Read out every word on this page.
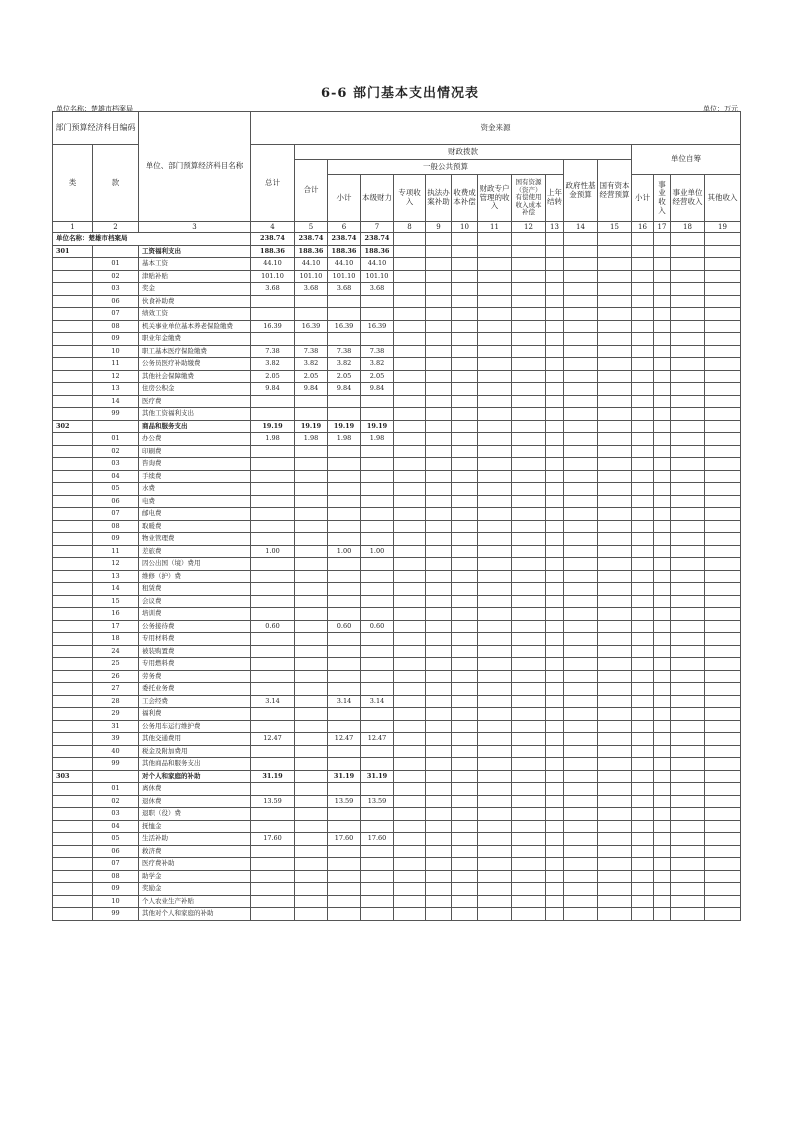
6-6 部门基本支出情况表
单位名称：楚雄市档案局	单位：万元
部门预算经济科目编码		单位、部门预算经济科目名称	资金来源															
类	款		总计	财政拨款											单位自筹			
				合计	一般公共预算								政府性基金预算	国有资本经营预算				
					小计	本级财力	专项收入	执法办案补助	收费成本补偿	财政专户管理的收入	国有资源（资产）有偿使用收入成本补偿	上年结转			小计	事业收入	事业单位经营收入	其他收入

1	2	3	4	5	6	7	8	9	10	11	12	13	14	15	16	17	18	19
单位名称：楚雄市档案局			238.74	238.74	238.74	238.74												
301		工资福利支出	188.36	188.36	188.36	188.36												
	01	基本工资	44.10	44.10	44.10	44.10												
	02	津贴补贴	101.10	101.10	101.10	101.10												
	03	奖金	3.68	3.68	3.68	3.68												
	06	伙食补助费																
	07	绩效工资																
	08	机关事业单位基本养老保险缴费	16.39	16.39	16.39	16.39												
	09	职业年金缴费																
	10	职工基本医疗保险缴费	7.38	7.38	7.38	7.38												
	11	公务员医疗补助缴费	3.82	3.82	3.82	3.82												
	12	其他社会保障缴费	2.05	2.05	2.05	2.05												
	13	住房公积金	9.84	9.84	9.84	9.84												
	14	医疗费																
	99	其他工资福利支出																
302		商品和服务支出	19.19	19.19	19.19	19.19												
	01	办公费	1.98	1.98	1.98	1.98												
	02	印刷费																
	03	咨询费																
	04	手续费																
	05	水费																
	06	电费																
	07	邮电费																
	08	取暖费																
	09	物业管理费																
	11	差旅费	1.00		1.00	1.00												
	12	因公出国（境）费用																
	13	维修（护）费																
	14	租赁费																
	15	会议费																
	16	培训费																
	17	公务接待费	0.60		0.60	0.60												
	18	专用材料费																
	24	被装购置费																
	25	专用燃料费																
	26	劳务费																
	27	委托业务费																
	28	工会经费	3.14		3.14	3.14												
	29	福利费																
	31	公务用车运行维护费																
	39	其他交通费用	12.47		12.47	12.47												
	40	税金及附加费用																
	99	其他商品和服务支出																
303		对个人和家庭的补助	31.19		31.19	31.19												
	01	离休费																
	02	退休费	13.59		13.59	13.59												
	03	退职（役）费																
	04	抚恤金																
	05	生活补助	17.60		17.60	17.60												
	06	救济费																
	07	医疗费补助																
	08	助学金																
	09	奖励金																
	10	个人农业生产补贴																
	99	其他对个人和家庭的补助																
